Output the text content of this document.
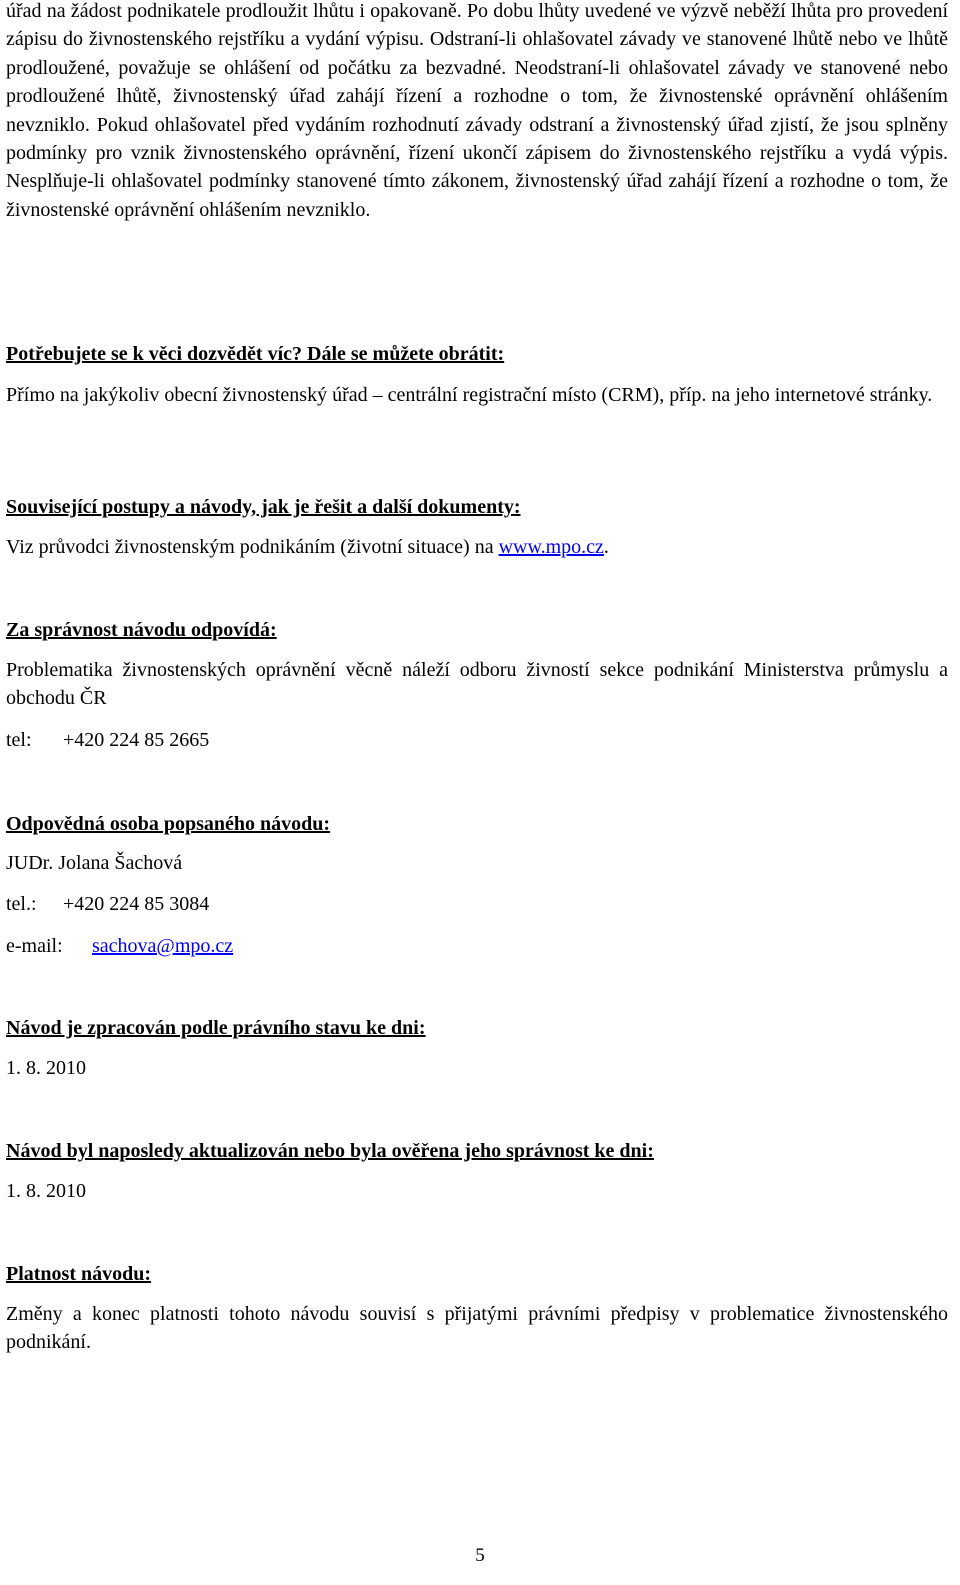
úřad na žádost podnikatele prodloužit lhůtu i opakovaně. Po dobu lhůty uvedené ve výzvě neběží lhůta pro provedení zápisu do živnostenského rejstříku a vydání výpisu. Odstraní-li ohlašovatel závady ve stanovené lhůtě nebo ve lhůtě prodloužené, považuje se ohlášení od počátku za bezvadné. Neodstraní-li ohlašovatel závady ve stanovené nebo prodloužené lhůtě, živnostenský úřad zahájí řízení a rozhodne o tom, že živnostenské oprávnění ohlášením nevzniklo. Pokud ohlašovatel před vydáním rozhodnutí závady odstraní a živnostenský úřad zjistí, že jsou splněny podmínky pro vznik živnostenského oprávnění, řízení ukončí zápisem do živnostenského rejstříku a vydá výpis. Nesplňuje-li ohlašovatel podmínky stanovené tímto zákonem, živnostenský úřad zahájí řízení a rozhodne o tom, že živnostenské oprávnění ohlášením nevzniklo.

Potřebujete se k věci dozvědět víc? Dále se můžete obrátit:

Přímo na jakýkoliv obecní živnostenský úřad – centrální registrační místo (CRM), příp. na jeho internetové stránky.

Související postupy a návody, jak je řešit a další dokumenty:

Viz průvodci živnostenským podnikáním (životní situace) na www.mpo.cz.

Za správnost návodu odpovídá:

Problematika živnostenských oprávnění věcně náleží odboru živností sekce podnikání Ministerstva průmyslu a obchodu ČR

tel: +420 224 85 2665

Odpovědná osoba popsaného návodu:

JUDr. Jolana Šachová

tel.: +420 224 85 3084

e-mail: sachova@mpo.cz

Návod je zpracován podle právního stavu ke dni:

1. 8. 2010

Návod byl naposledy aktualizován nebo byla ověřena jeho správnost ke dni:

1. 8. 2010

Platnost návodu:

Změny a konec platnosti tohoto návodu souvisí s přijatými právními předpisy v problematice živnostenského podnikání.

5
